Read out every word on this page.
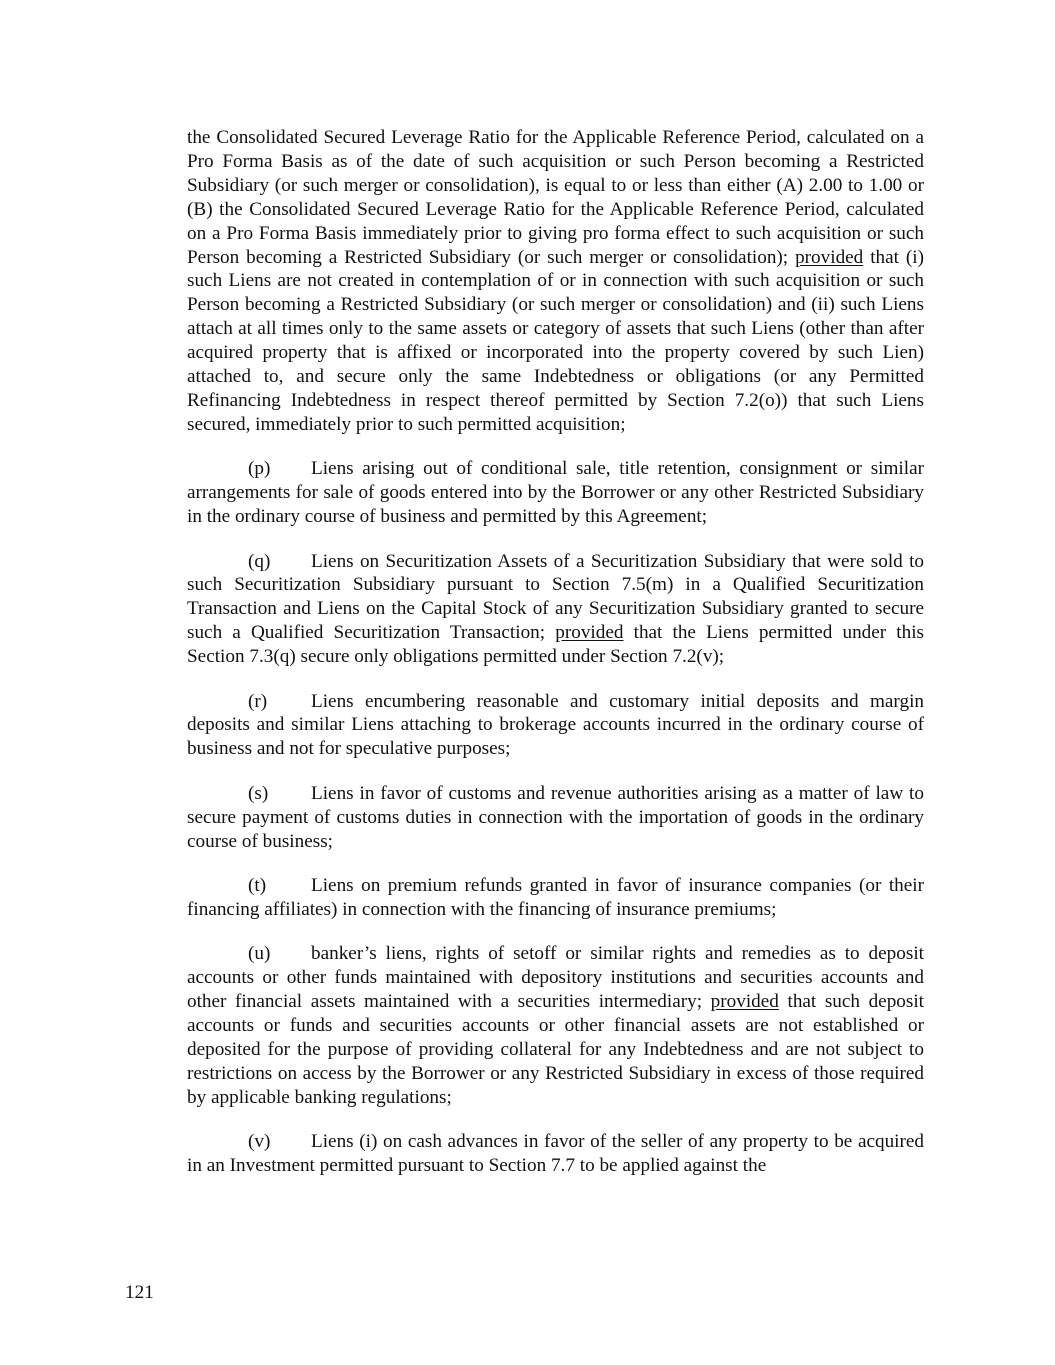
the Consolidated Secured Leverage Ratio for the Applicable Reference Period, calculated on a Pro Forma Basis as of the date of such acquisition or such Person becoming a Restricted Subsidiary (or such merger or consolidation), is equal to or less than either (A) 2.00 to 1.00 or (B) the Consolidated Secured Leverage Ratio for the Applicable Reference Period, calculated on a Pro Forma Basis immediately prior to giving pro forma effect to such acquisition or such Person becoming a Restricted Subsidiary (or such merger or consolidation); provided that (i) such Liens are not created in contemplation of or in connection with such acquisition or such Person becoming a Restricted Subsidiary (or such merger or consolidation) and (ii) such Liens attach at all times only to the same assets or category of assets that such Liens (other than after acquired property that is affixed or incorporated into the property covered by such Lien) attached to, and secure only the same Indebtedness or obligations (or any Permitted Refinancing Indebtedness in respect thereof permitted by Section 7.2(o)) that such Liens secured, immediately prior to such permitted acquisition;

(p) Liens arising out of conditional sale, title retention, consignment or similar arrangements for sale of goods entered into by the Borrower or any other Restricted Subsidiary in the ordinary course of business and permitted by this Agreement;

(q) Liens on Securitization Assets of a Securitization Subsidiary that were sold to such Securitization Subsidiary pursuant to Section 7.5(m) in a Qualified Securitization Transaction and Liens on the Capital Stock of any Securitization Subsidiary granted to secure such a Qualified Securitization Transaction; provided that the Liens permitted under this Section 7.3(q) secure only obligations permitted under Section 7.2(v);

(r) Liens encumbering reasonable and customary initial deposits and margin deposits and similar Liens attaching to brokerage accounts incurred in the ordinary course of business and not for speculative purposes;

(s) Liens in favor of customs and revenue authorities arising as a matter of law to secure payment of customs duties in connection with the importation of goods in the ordinary course of business;

(t) Liens on premium refunds granted in favor of insurance companies (or their financing affiliates) in connection with the financing of insurance premiums;

(u) banker’s liens, rights of setoff or similar rights and remedies as to deposit accounts or other funds maintained with depository institutions and securities accounts and other financial assets maintained with a securities intermediary; provided that such deposit accounts or funds and securities accounts or other financial assets are not established or deposited for the purpose of providing collateral for any Indebtedness and are not subject to restrictions on access by the Borrower or any Restricted Subsidiary in excess of those required by applicable banking regulations;

(v) Liens (i) on cash advances in favor of the seller of any property to be acquired in an Investment permitted pursuant to Section 7.7 to be applied against the

121
